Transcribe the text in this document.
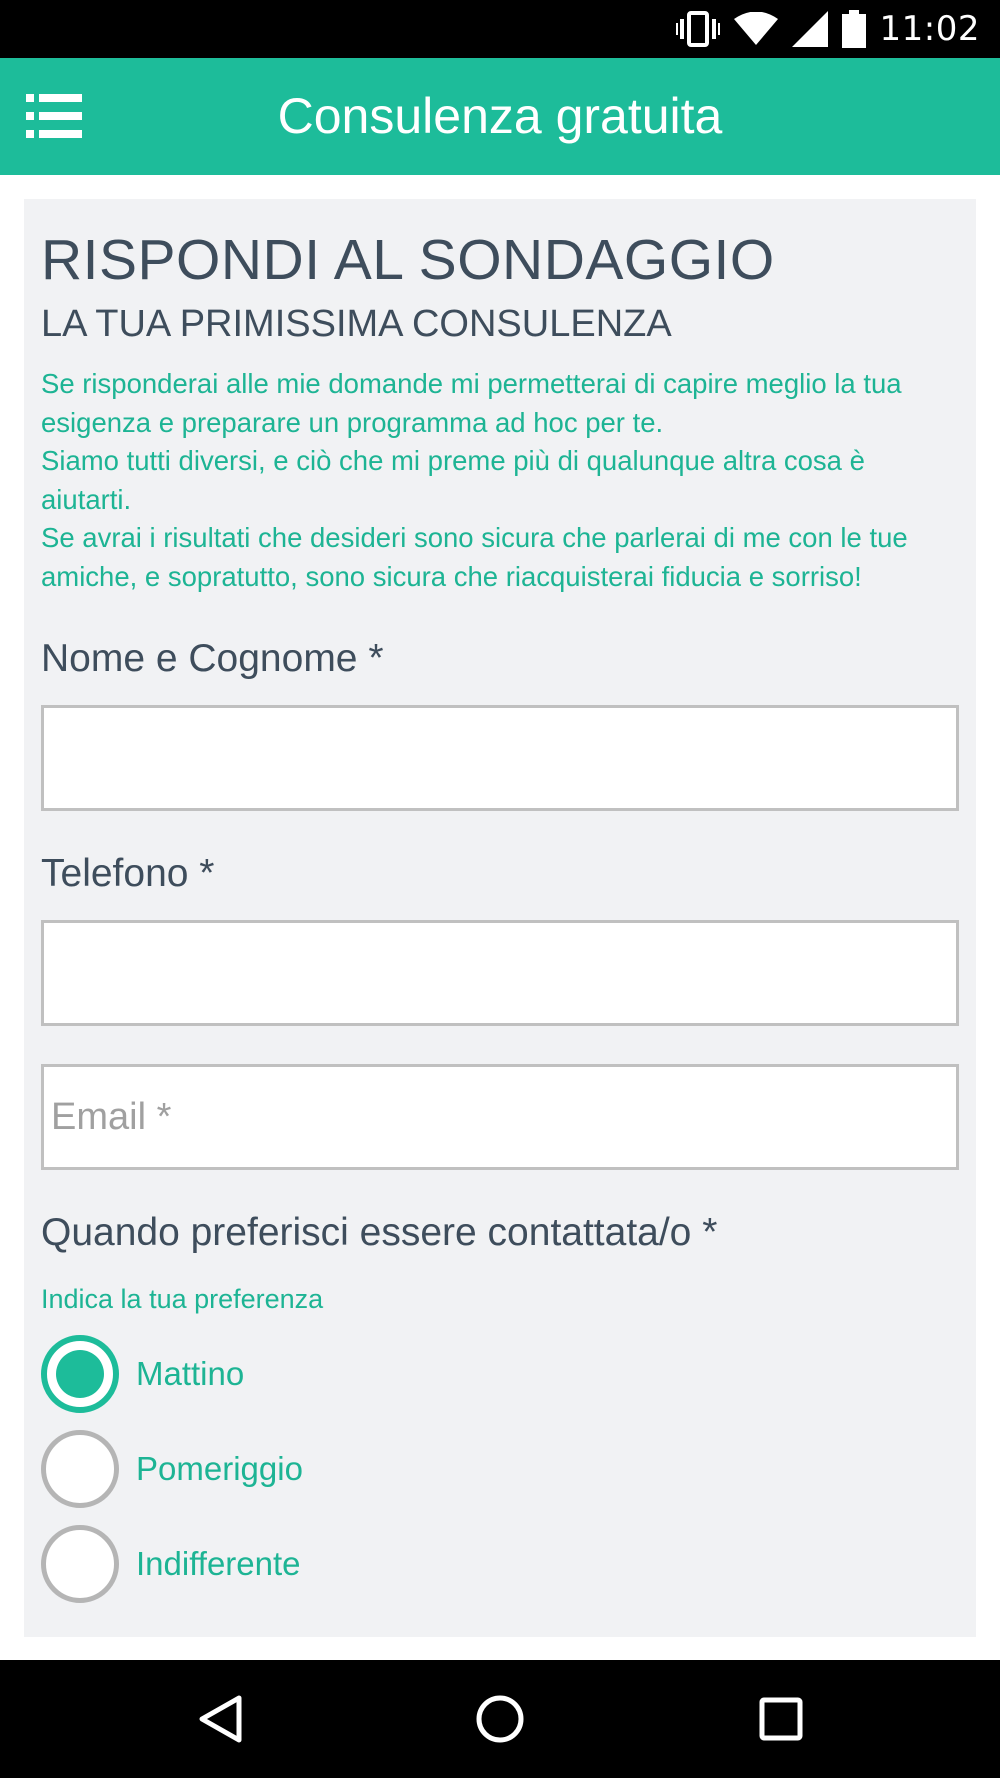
11:02
Consulenza gratuita
RISPONDI AL SONDAGGIO
LA TUA PRIMISSIMA CONSULENZA

Se risponderai alle mie domande mi permetterai di capire meglio la tua esigenza e preparare un programma ad hoc per te.

Siamo tutti diversi, e ciò che mi preme più di qualunque altra cosa è aiutarti.

Se avrai i risultati che desideri sono sicura che parlerai di me con le tue amiche, e sopratutto, sono sicura che riacquisterai fiducia e sorriso!

Nome e Cognome *
Telefono *
Email *
Quando preferisci essere contattata/o *
Indica la tua preferenza
Mattino
Pomeriggio
Indifferente
